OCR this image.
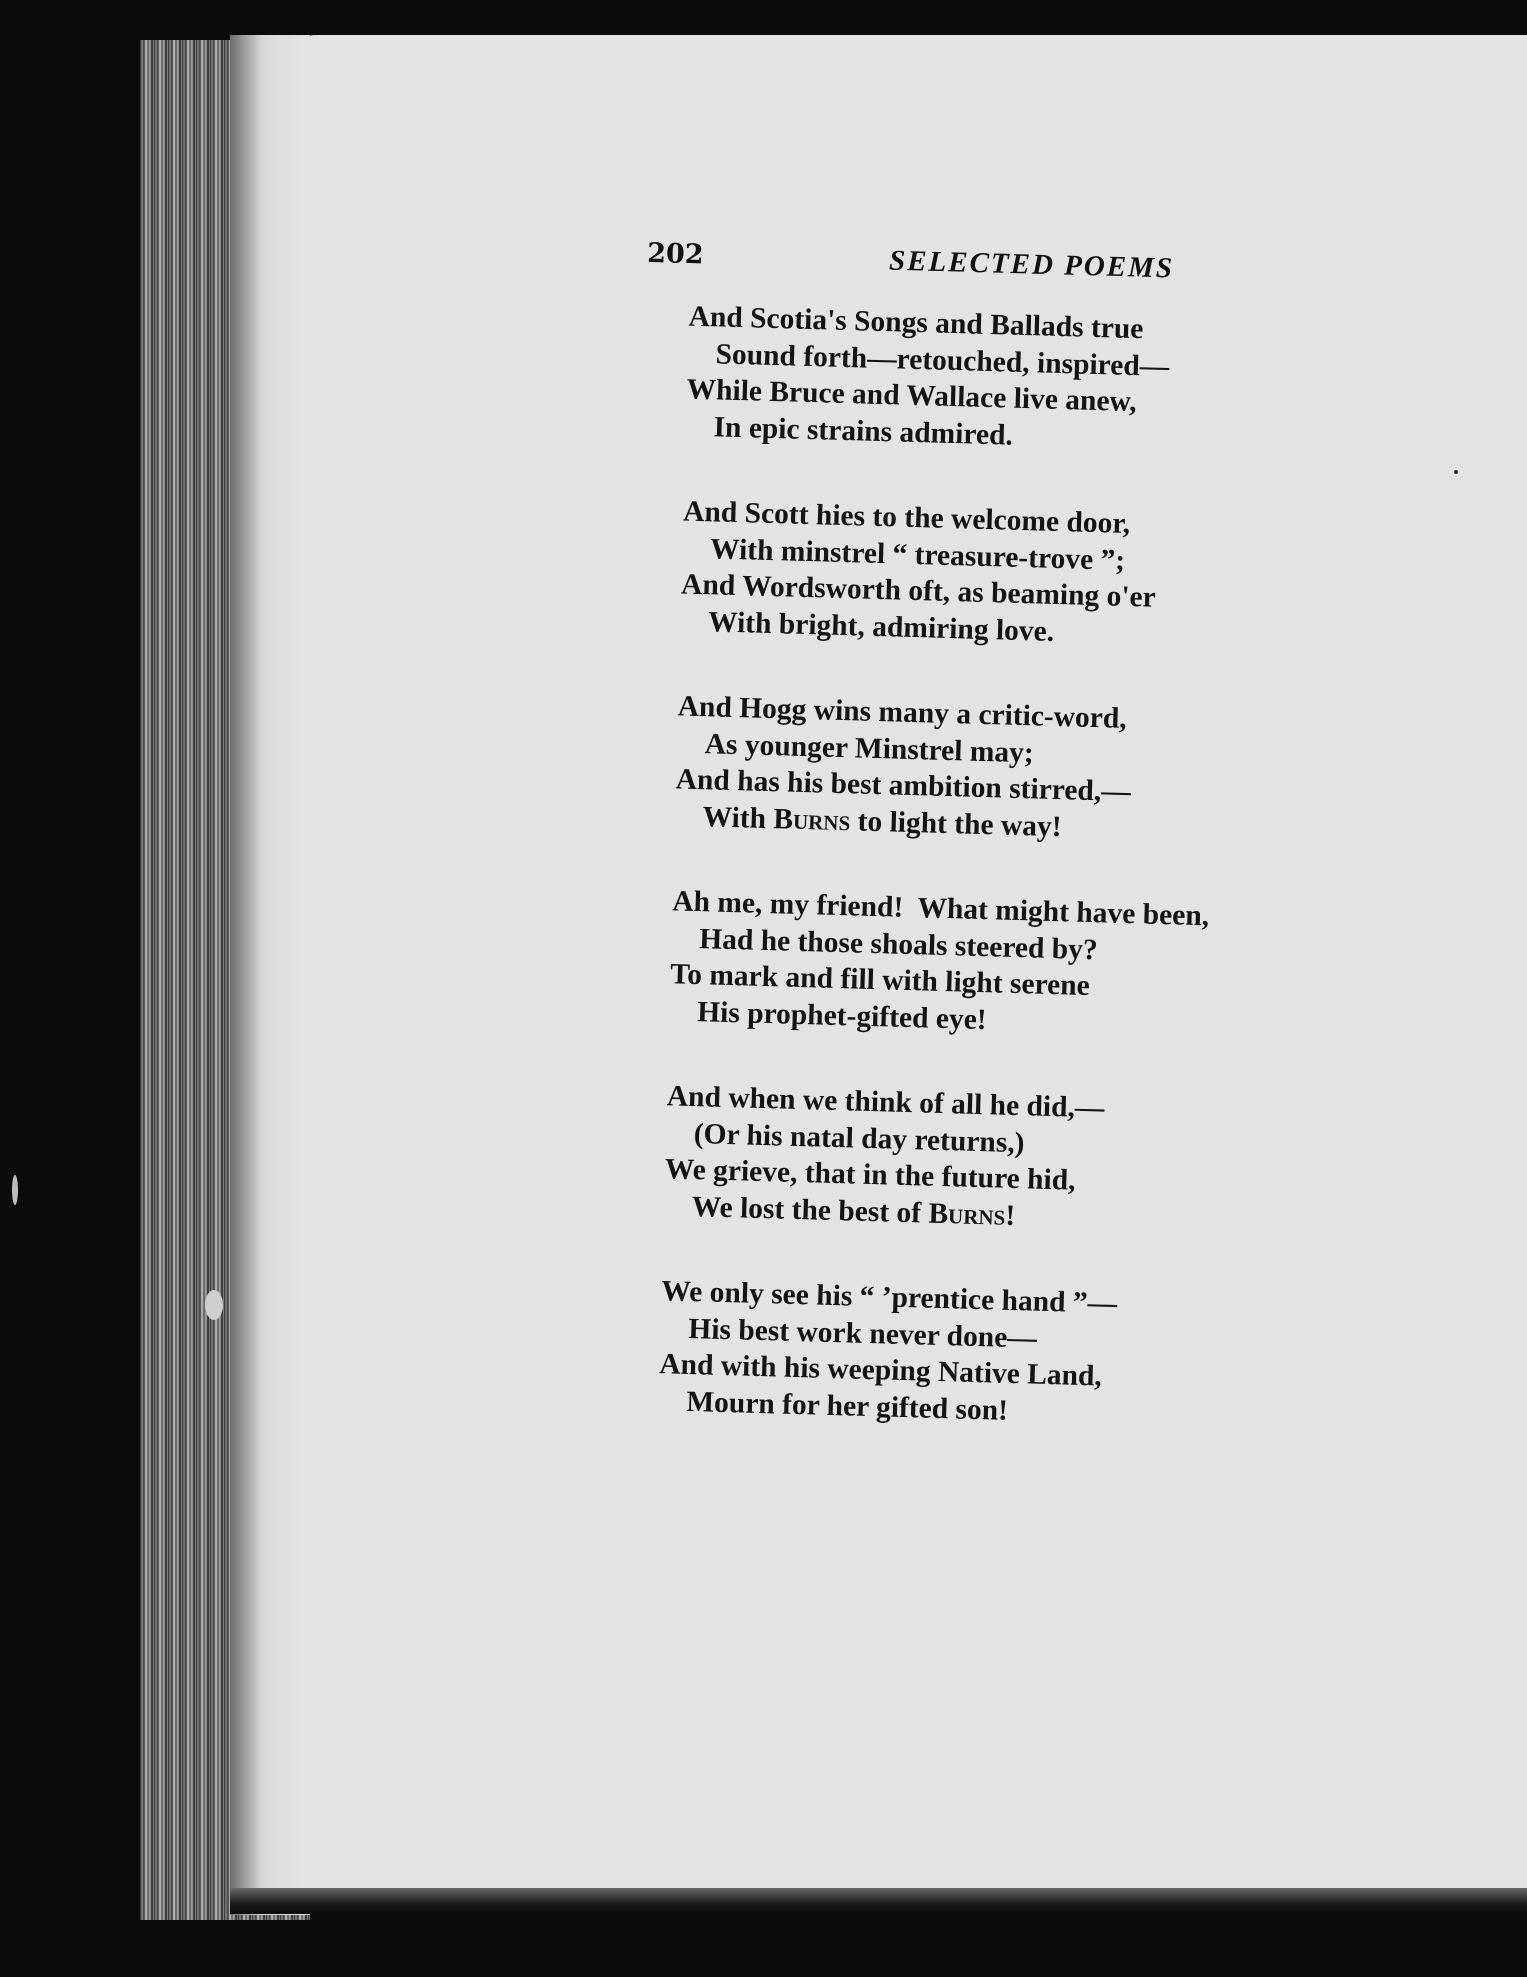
202	SELECTED POEMS
And Scotia's Songs and Ballads true
Sound forth—retouched, inspired—
While Bruce and Wallace live anew,
In epic strains admired.
And Scott hies to the welcome door,
With minstrel “ treasure-trove ”;
And Wordsworth oft, as beaming o'er
With bright, admiring love.
And Hogg wins many a critic-word,
As younger Minstrel may;
And has his best ambition stirred,—
With Burns to light the way!
Ah me, my friend!  What might have been,
Had he those shoals steered by?
To mark and fill with light serene
His prophet-gifted eye!
And when we think of all he did,—
(Or his natal day returns,)
We grieve, that in the future hid,
We lost the best of Burns!
We only see his “ ’prentice hand ”—
His best work never done—
And with his weeping Native Land,
Mourn for her gifted son!
